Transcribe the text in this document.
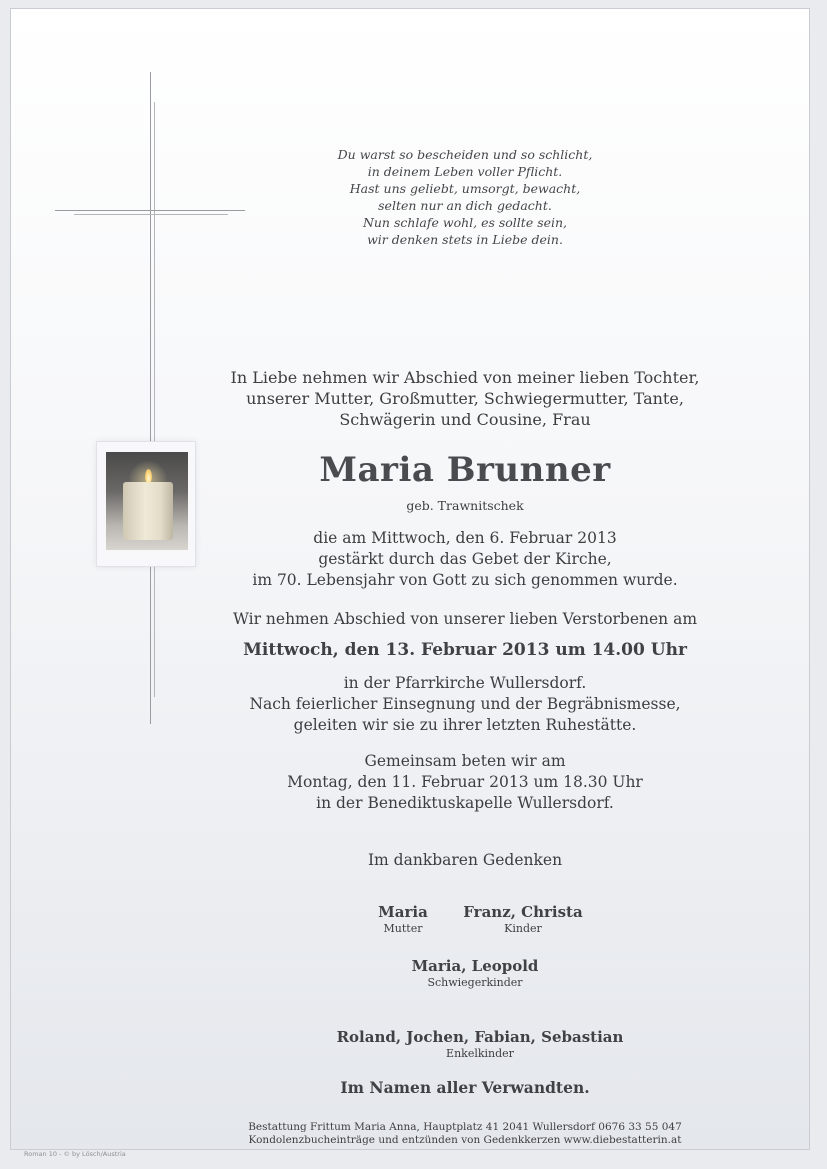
Du warst so bescheiden und so schlicht,
in deinem Leben voller Pflicht.
Hast uns geliebt, umsorgt, bewacht,
selten nur an dich gedacht.
Nun schlafe wohl, es sollte sein,
wir denken stets in Liebe dein.
In Liebe nehmen wir Abschied von meiner lieben Tochter,
unserer Mutter, Großmutter, Schwiegermutter, Tante,
Schwägerin und Cousine, Frau
Maria Brunner
geb. Trawnitschek
die am Mittwoch, den 6. Februar 2013
gestärkt durch das Gebet der Kirche,
im 70. Lebensjahr von Gott zu sich genommen wurde.
Wir nehmen Abschied von unserer lieben Verstorbenen am
Mittwoch, den 13. Februar 2013 um 14.00 Uhr
in der Pfarrkirche Wullersdorf.
Nach feierlicher Einsegnung und der Begräbnismesse,
geleiten wir sie zu ihrer letzten Ruhestätte.
Gemeinsam beten wir am
Montag, den 11. Februar 2013 um 18.30 Uhr
in der Benediktuskapelle Wullersdorf.
Im dankbaren Gedenken
Maria
Mutter
Franz, Christa
Kinder
Maria, Leopold
Schwiegerkinder
Roland, Jochen, Fabian, Sebastian
Enkelkinder
Im Namen aller Verwandten.
Bestattung Frittum Maria Anna, Hauptplatz 41 2041 Wullersdorf 0676 33 55 047
Kondolenzbucheinträge und entzünden von Gedenkkerzen www.diebestatterin.at
Roman 10 - © by Lösch/Austria
